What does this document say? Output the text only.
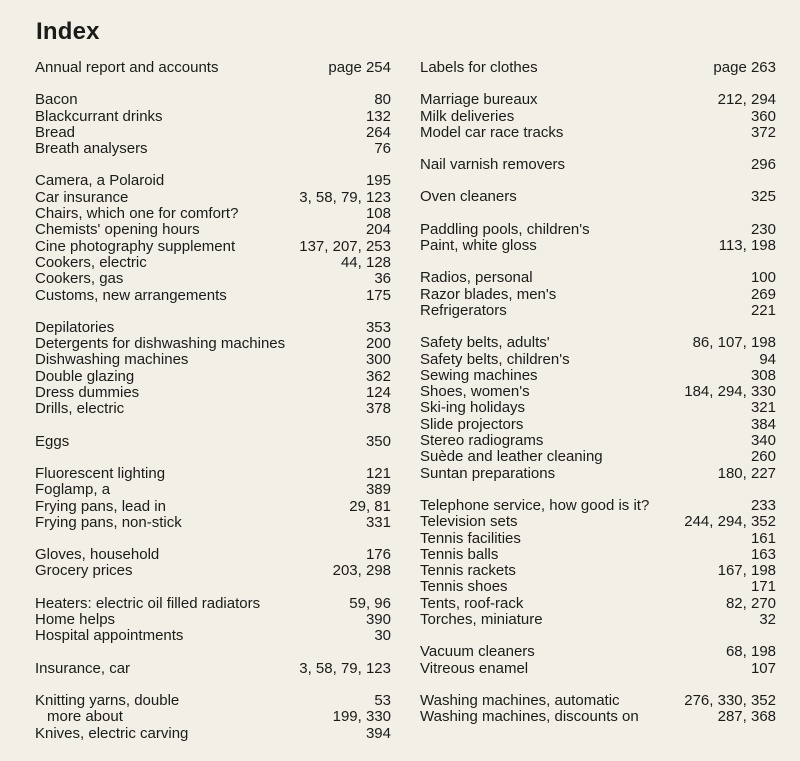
Index
Annual report and accounts	page 254
Bacon	80
Blackcurrant drinks	132
Bread	264
Breath analysers	76
Camera, a Polaroid	195
Car insurance	3, 58, 79, 123
Chairs, which one for comfort?	108
Chemists' opening hours	204
Cine photography supplement	137, 207, 253
Cookers, electric	44, 128
Cookers, gas	36
Customs, new arrangements	175
Depilatories	353
Detergents for dishwashing machines	200
Dishwashing machines	300
Double glazing	362
Dress dummies	124
Drills, electric	378
Eggs	350
Fluorescent lighting	121
Foglamp, a	389
Frying pans, lead in	29, 81
Frying pans, non-stick	331
Gloves, household	176
Grocery prices	203, 298
Heaters: electric oil filled radiators	59, 96
Home helps	390
Hospital appointments	30
Insurance, car	3, 58, 79, 123
Knitting yarns, double	53
more about	199, 330
Knives, electric carving	394
Labels for clothes	page 263
Marriage bureaux	212, 294
Milk deliveries	360
Model car race tracks	372
Nail varnish removers	296
Oven cleaners	325
Paddling pools, children's	230
Paint, white gloss	113, 198
Radios, personal	100
Razor blades, men's	269
Refrigerators	221
Safety belts, adults'	86, 107, 198
Safety belts, children's	94
Sewing machines	308
Shoes, women's	184, 294, 330
Ski-ing holidays	321
Slide projectors	384
Stereo radiograms	340
Suède and leather cleaning	260
Suntan preparations	180, 227
Telephone service, how good is it?	233
Television sets	244, 294, 352
Tennis facilities	161
Tennis balls	163
Tennis rackets	167, 198
Tennis shoes	171
Tents, roof-rack	82, 270
Torches, miniature	32
Vacuum cleaners	68, 198
Vitreous enamel	107
Washing machines, automatic	276, 330, 352
Washing machines, discounts on	287, 368
